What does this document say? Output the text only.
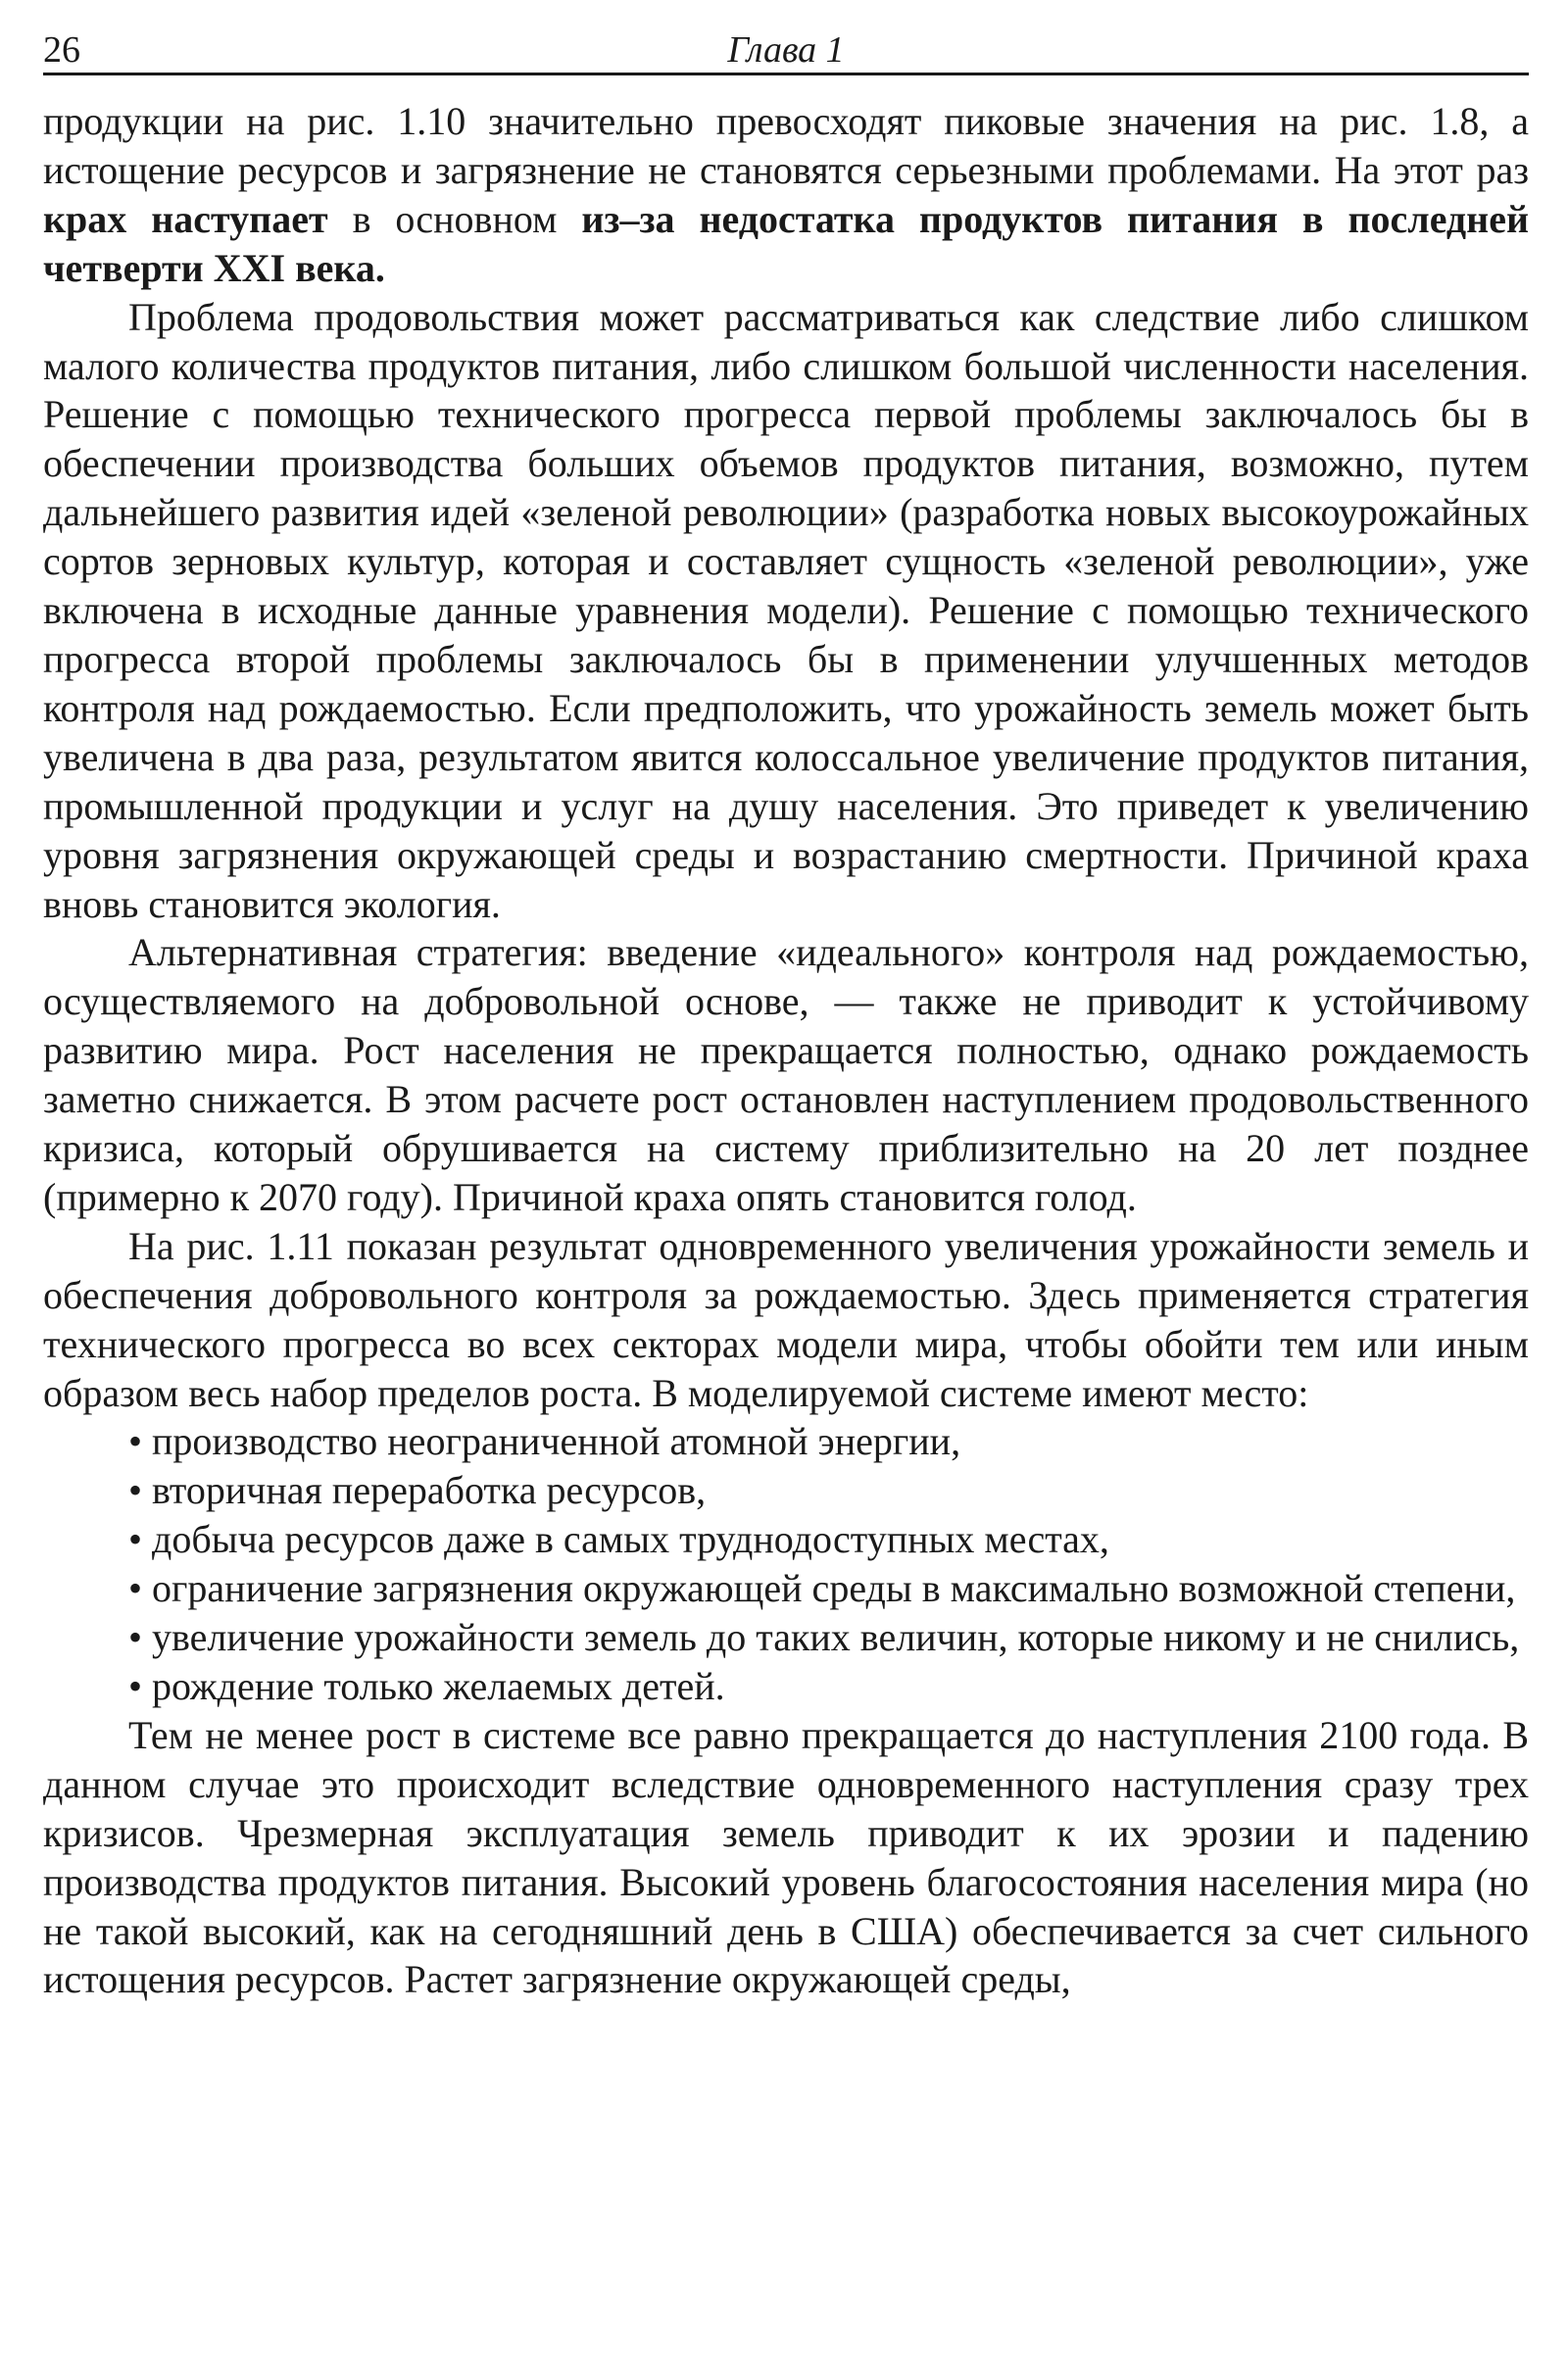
26	Глава 1

продукции на рис. 1.10 значительно превосходят пиковые значения на рис. 1.8, а истощение ресурсов и загрязнение не становятся серьезными проблемами. На этот раз крах наступает в основном из–за недостатка продуктов питания в последней четверти XXI века.

Проблема продовольствия может рассматриваться как следствие либо слишком малого количества продуктов питания, либо слишком большой численности населения. Решение с помощью технического прогресса первой проблемы заключалось бы в обеспечении производства больших объемов продуктов питания, возможно, путем дальнейшего развития идей «зеленой революции» (разработка новых высокоурожайных сортов зерновых культур, которая и составляет сущность «зеленой революции», уже включена в исходные данные уравнения модели). Решение с помощью технического прогресса второй проблемы заключалось бы в применении улучшенных методов контроля над рождаемостью. Если предположить, что урожайность земель может быть увеличена в два раза, результатом явится колоссальное увеличение продуктов питания, промышленной продукции и услуг на душу населения. Это приведет к увеличению уровня загрязнения окружающей среды и возрастанию смертности. Причиной краха вновь становится экология.

Альтернативная стратегия: введение «идеального» контроля над рождаемостью, осуществляемого на добровольной основе, — также не приводит к устойчивому развитию мира. Рост населения не прекращается полностью, однако рождаемость заметно снижается. В этом расчете рост остановлен наступлением продовольственного кризиса, который обрушивается на систему приблизительно на 20 лет позднее (примерно к 2070 году). Причиной краха опять становится голод.

На рис. 1.11 показан результат одновременного увеличения урожайности земель и обеспечения добровольного контроля за рождаемостью. Здесь применяется стратегия технического прогресса во всех секторах модели мира, чтобы обойти тем или иным образом весь набор пределов роста. В моделируемой системе имеют место:

• производство неограниченной атомной энергии,

• вторичная переработка ресурсов,

• добыча ресурсов даже в самых труднодоступных местах,

• ограничение загрязнения окружающей среды в максимально возможной степени,

• увеличение урожайности земель до таких величин, которые никому и не снились,

• рождение только желаемых детей.

Тем не менее рост в системе все равно прекращается до наступления 2100 года. В данном случае это происходит вследствие одновременного наступления сразу трех кризисов. Чрезмерная эксплуатация земель приводит к их эрозии и падению производства продуктов питания. Высокий уровень благосостояния населения мира (но не такой высокий, как на сегодняшний день в США) обеспечивается за счет сильного истощения ресурсов. Растет загрязнение окружающей среды,
